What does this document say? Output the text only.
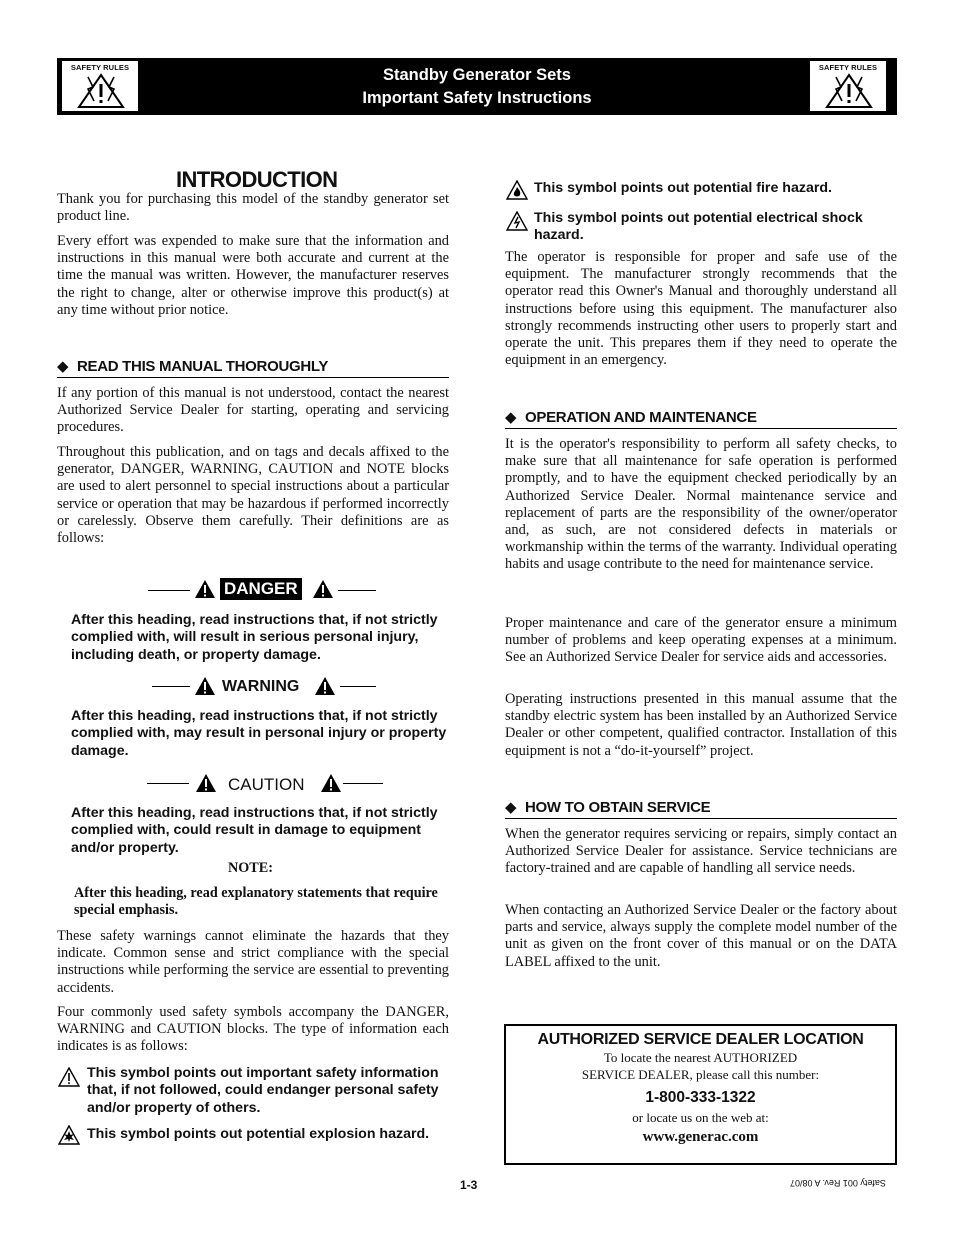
SAFETY RULES	Standby Generator Sets
Important Safety Instructions
SAFETY RULES
INTRODUCTION

Thank you for purchasing this model of the standby generator set product line.

Every effort was expended to make sure that the information and instructions in this manual were both accurate and current at the time the manual was written. However, the manufacturer reserves the right to change, alter or otherwise improve this product(s) at any time without prior notice.

◆ READ THIS MANUAL THOROUGHLY

If any portion of this manual is not understood, contact the nearest Authorized Service Dealer for starting, operating and servicing procedures.

Throughout this publication, and on tags and decals affixed to the generator, DANGER, WARNING, CAUTION and NOTE blocks are used to alert personnel to special instructions about a particular service or operation that may be hazardous if performed incorrectly or carelessly. Observe them carefully. Their definitions are as follows:

DANGER
After this heading, read instructions that, if not strictly complied with, will result in serious personal injury, including death, or property damage.
WARNING
After this heading, read instructions that, if not strictly complied with, may result in personal injury or property damage.
CAUTION
After this heading, read instructions that, if not strictly complied with, could result in damage to equipment and/or property.
NOTE:
After this heading, read explanatory statements that require special emphasis.

These safety warnings cannot eliminate the hazards that they indicate. Common sense and strict compliance with the special instructions while performing the service are essential to preventing accidents.

Four commonly used safety symbols accompany the DANGER, WARNING and CAUTION blocks. The type of information each indicates is as follows:

This symbol points out important safety information that, if not followed, could endanger personal safety and/or property of others.
This symbol points out potential explosion hazard.
This symbol points out potential fire hazard.
This symbol points out potential electrical shock hazard.

The operator is responsible for proper and safe use of the equipment. The manufacturer strongly recommends that the operator read this Owner's Manual and thoroughly understand all instructions before using this equipment. The manufacturer also strongly recommends instructing other users to properly start and operate the unit. This prepares them if they need to operate the equipment in an emergency.

◆ OPERATION AND MAINTENANCE

It is the operator's responsibility to perform all safety checks, to make sure that all maintenance for safe operation is performed promptly, and to have the equipment checked periodically by an Authorized Service Dealer. Normal maintenance service and replacement of parts are the responsibility of the owner/operator and, as such, are not considered defects in materials or workmanship within the terms of the warranty. Individual operating habits and usage contribute to the need for maintenance service.

Proper maintenance and care of the generator ensure a minimum number of problems and keep operating expenses at a minimum. See an Authorized Service Dealer for service aids and accessories.

Operating instructions presented in this manual assume that the standby electric system has been installed by an Authorized Service Dealer or other competent, qualified contractor. Installation of this equipment is not a “do-it-yourself” project.

◆ HOW TO OBTAIN SERVICE

When the generator requires servicing or repairs, simply contact an Authorized Service Dealer for assistance. Service technicians are factory-trained and are capable of handling all service needs.

When contacting an Authorized Service Dealer or the factory about parts and service, always supply the complete model number of the unit as given on the front cover of this manual or on the DATA LABEL affixed to the unit.

AUTHORIZED SERVICE DEALER LOCATION
To locate the nearest AUTHORIZED
SERVICE DEALER, please call this number:
1-800-333-1322
or locate us on the web at:
www.generac.com
1-3	Safety 001 Rev. A 08/07
